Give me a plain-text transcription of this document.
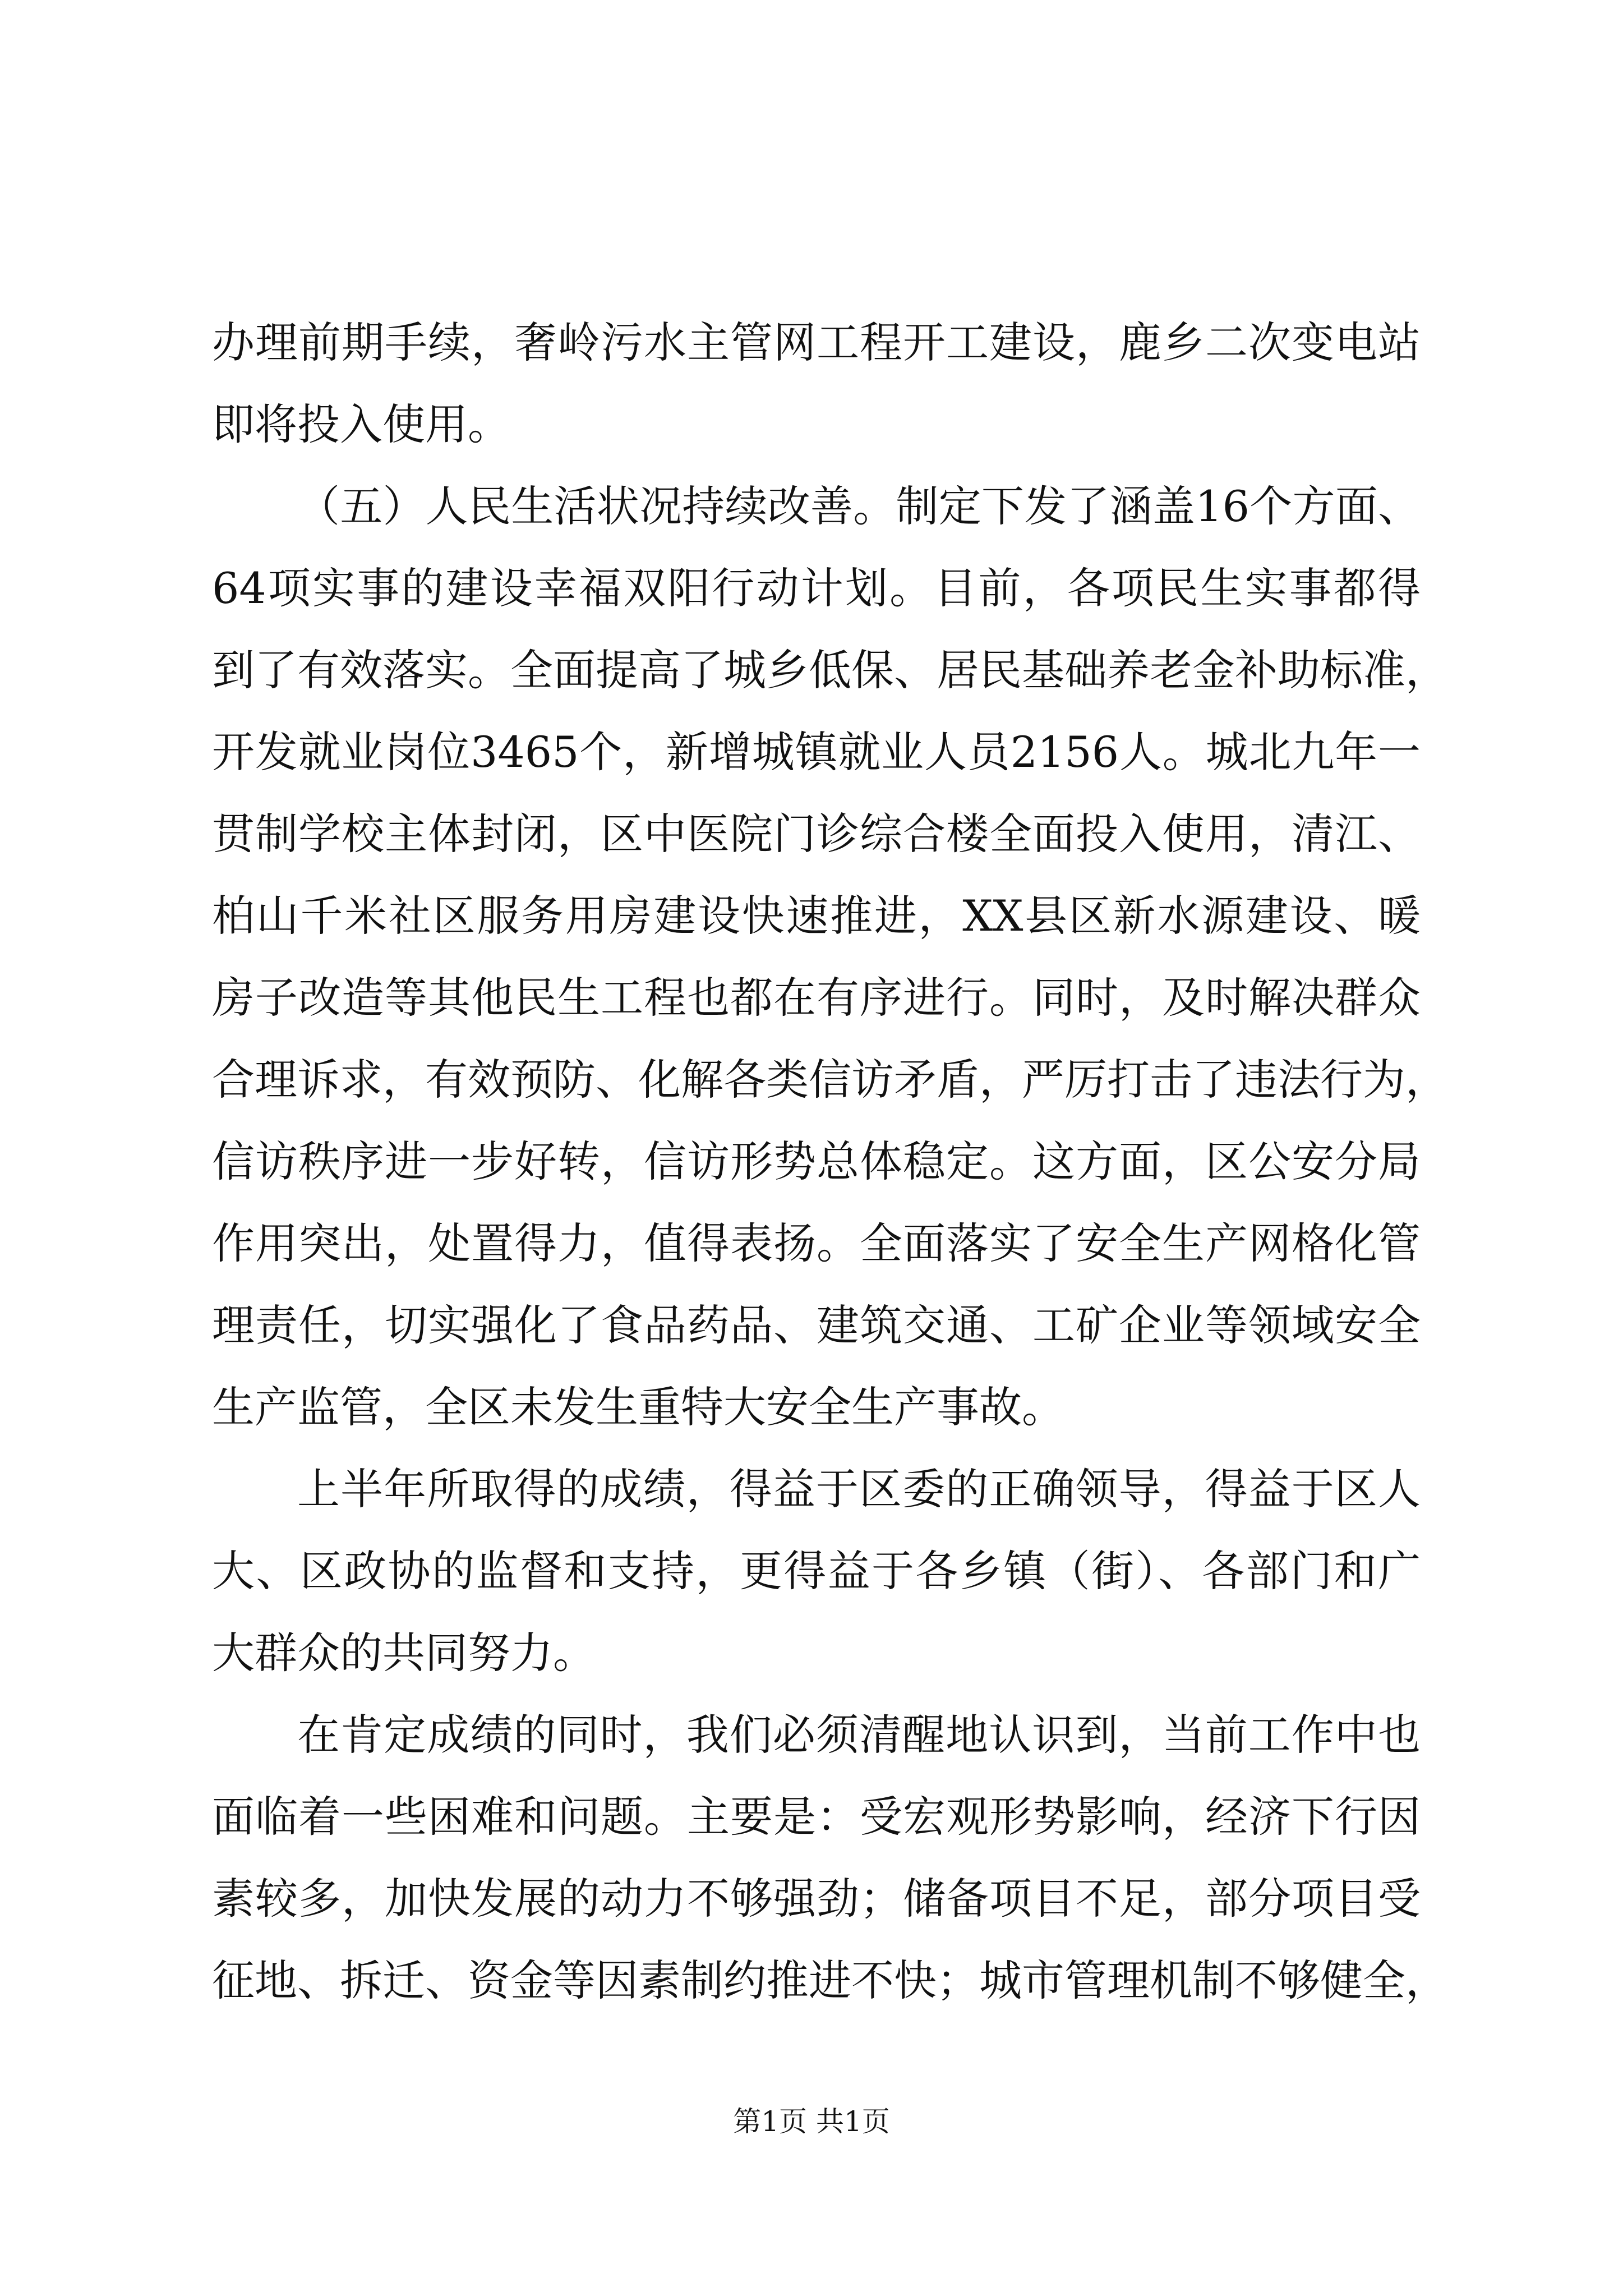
办理前期手续，奢岭污水主管网工程开工建设，鹿乡二次变电站
即将投入使用。
（五）人民生活状况持续改善。制定下发了涵盖16个方面、
64项实事的建设幸福双阳行动计划。目前，各项民生实事都得
到了有效落实。全面提高了城乡低保、居民基础养老金补助标准，
开发就业岗位3465个，新增城镇就业人员2156人。城北九年一
贯制学校主体封闭，区中医院门诊综合楼全面投入使用，清江、
柏山千米社区服务用房建设快速推进，XX县区新水源建设、暖
房子改造等其他民生工程也都在有序进行。同时，及时解决群众
合理诉求，有效预防、化解各类信访矛盾，严厉打击了违法行为，
信访秩序进一步好转，信访形势总体稳定。这方面，区公安分局
作用突出，处置得力，值得表扬。全面落实了安全生产网格化管
理责任，切实强化了食品药品、建筑交通、工矿企业等领域安全
生产监管，全区未发生重特大安全生产事故。
上半年所取得的成绩，得益于区委的正确领导，得益于区人
大、区政协的监督和支持，更得益于各乡镇（街）、各部门和广
大群众的共同努力。
在肯定成绩的同时，我们必须清醒地认识到，当前工作中也
面临着一些困难和问题。主要是：受宏观形势影响，经济下行因
素较多，加快发展的动力不够强劲；储备项目不足，部分项目受
征地、拆迁、资金等因素制约推进不快；城市管理机制不够健全，
第1页 共1页
